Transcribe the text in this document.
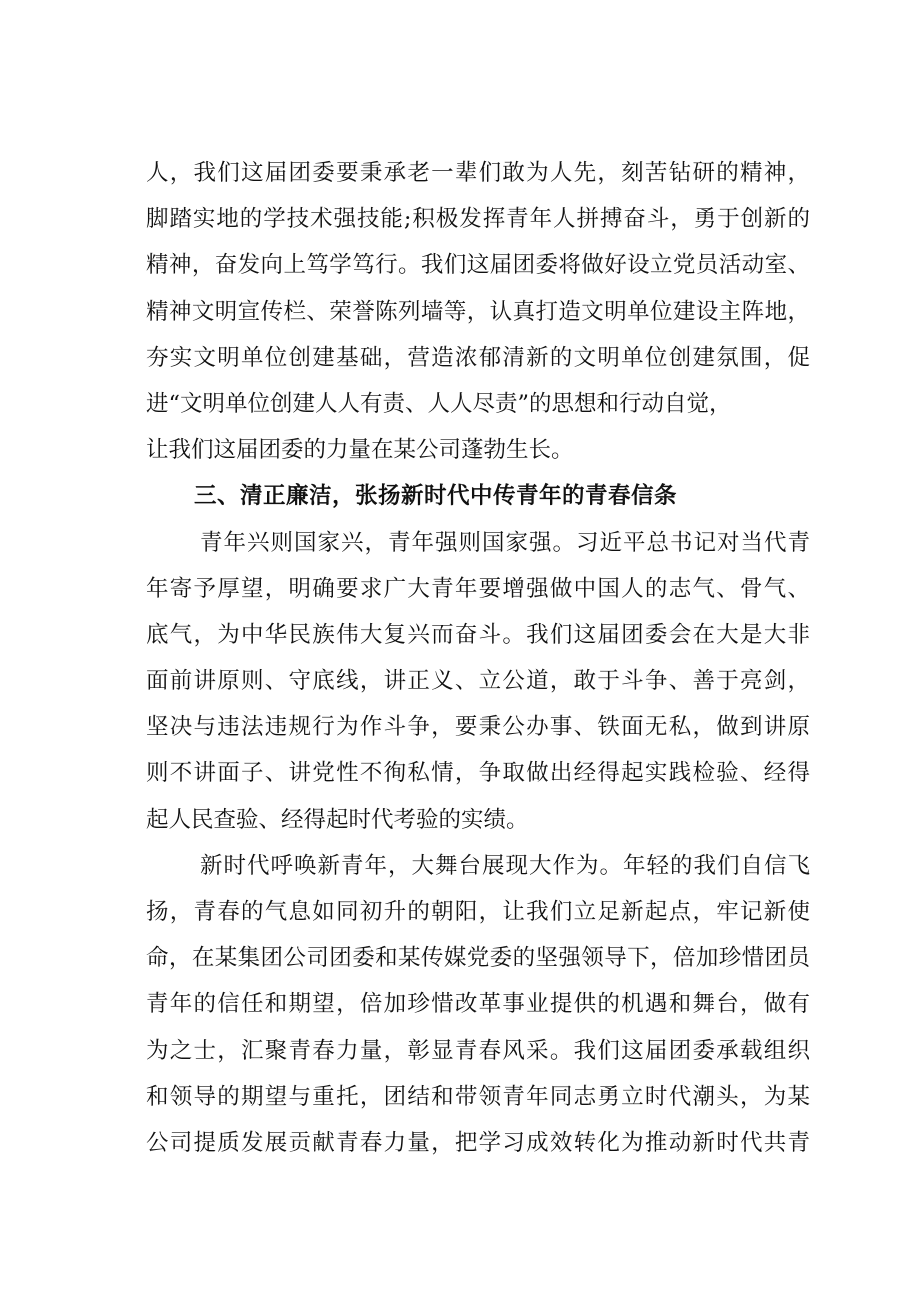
人，我们这届团委要秉承老一辈们敢为人先，刻苦钻研的精神，
脚踏实地的学技术强技能;积极发挥青年人拼搏奋斗，勇于创新的
精神，奋发向上笃学笃行。我们这届团委将做好设立党员活动室、
精神文明宣传栏、荣誉陈列墙等，认真打造文明单位建设主阵地，
夯实文明单位创建基础，营造浓郁清新的文明单位创建氛围，促
进“文明单位创建人人有责、人人尽责”的思想和行动自觉，
让我们这届团委的力量在某公司蓬勃生长。
三、清正廉洁，张扬新时代中传青年的青春信条
青年兴则国家兴，青年强则国家强。习近平总书记对当代青
年寄予厚望，明确要求广大青年要增强做中国人的志气、骨气、
底气，为中华民族伟大复兴而奋斗。我们这届团委会在大是大非
面前讲原则、守底线，讲正义、立公道，敢于斗争、善于亮剑，
坚决与违法违规行为作斗争，要秉公办事、铁面无私，做到讲原
则不讲面子、讲党性不徇私情，争取做出经得起实践检验、经得
起人民查验、经得起时代考验的实绩。
新时代呼唤新青年，大舞台展现大作为。年轻的我们自信飞
扬，青春的气息如同初升的朝阳，让我们立足新起点，牢记新使
命，在某集团公司团委和某传媒党委的坚强领导下，倍加珍惜团员
青年的信任和期望，倍加珍惜改革事业提供的机遇和舞台，做有
为之士，汇聚青春力量，彰显青春风采。我们这届团委承载组织
和领导的期望与重托，团结和带领青年同志勇立时代潮头，为某
公司提质发展贡献青春力量，把学习成效转化为推动新时代共青
